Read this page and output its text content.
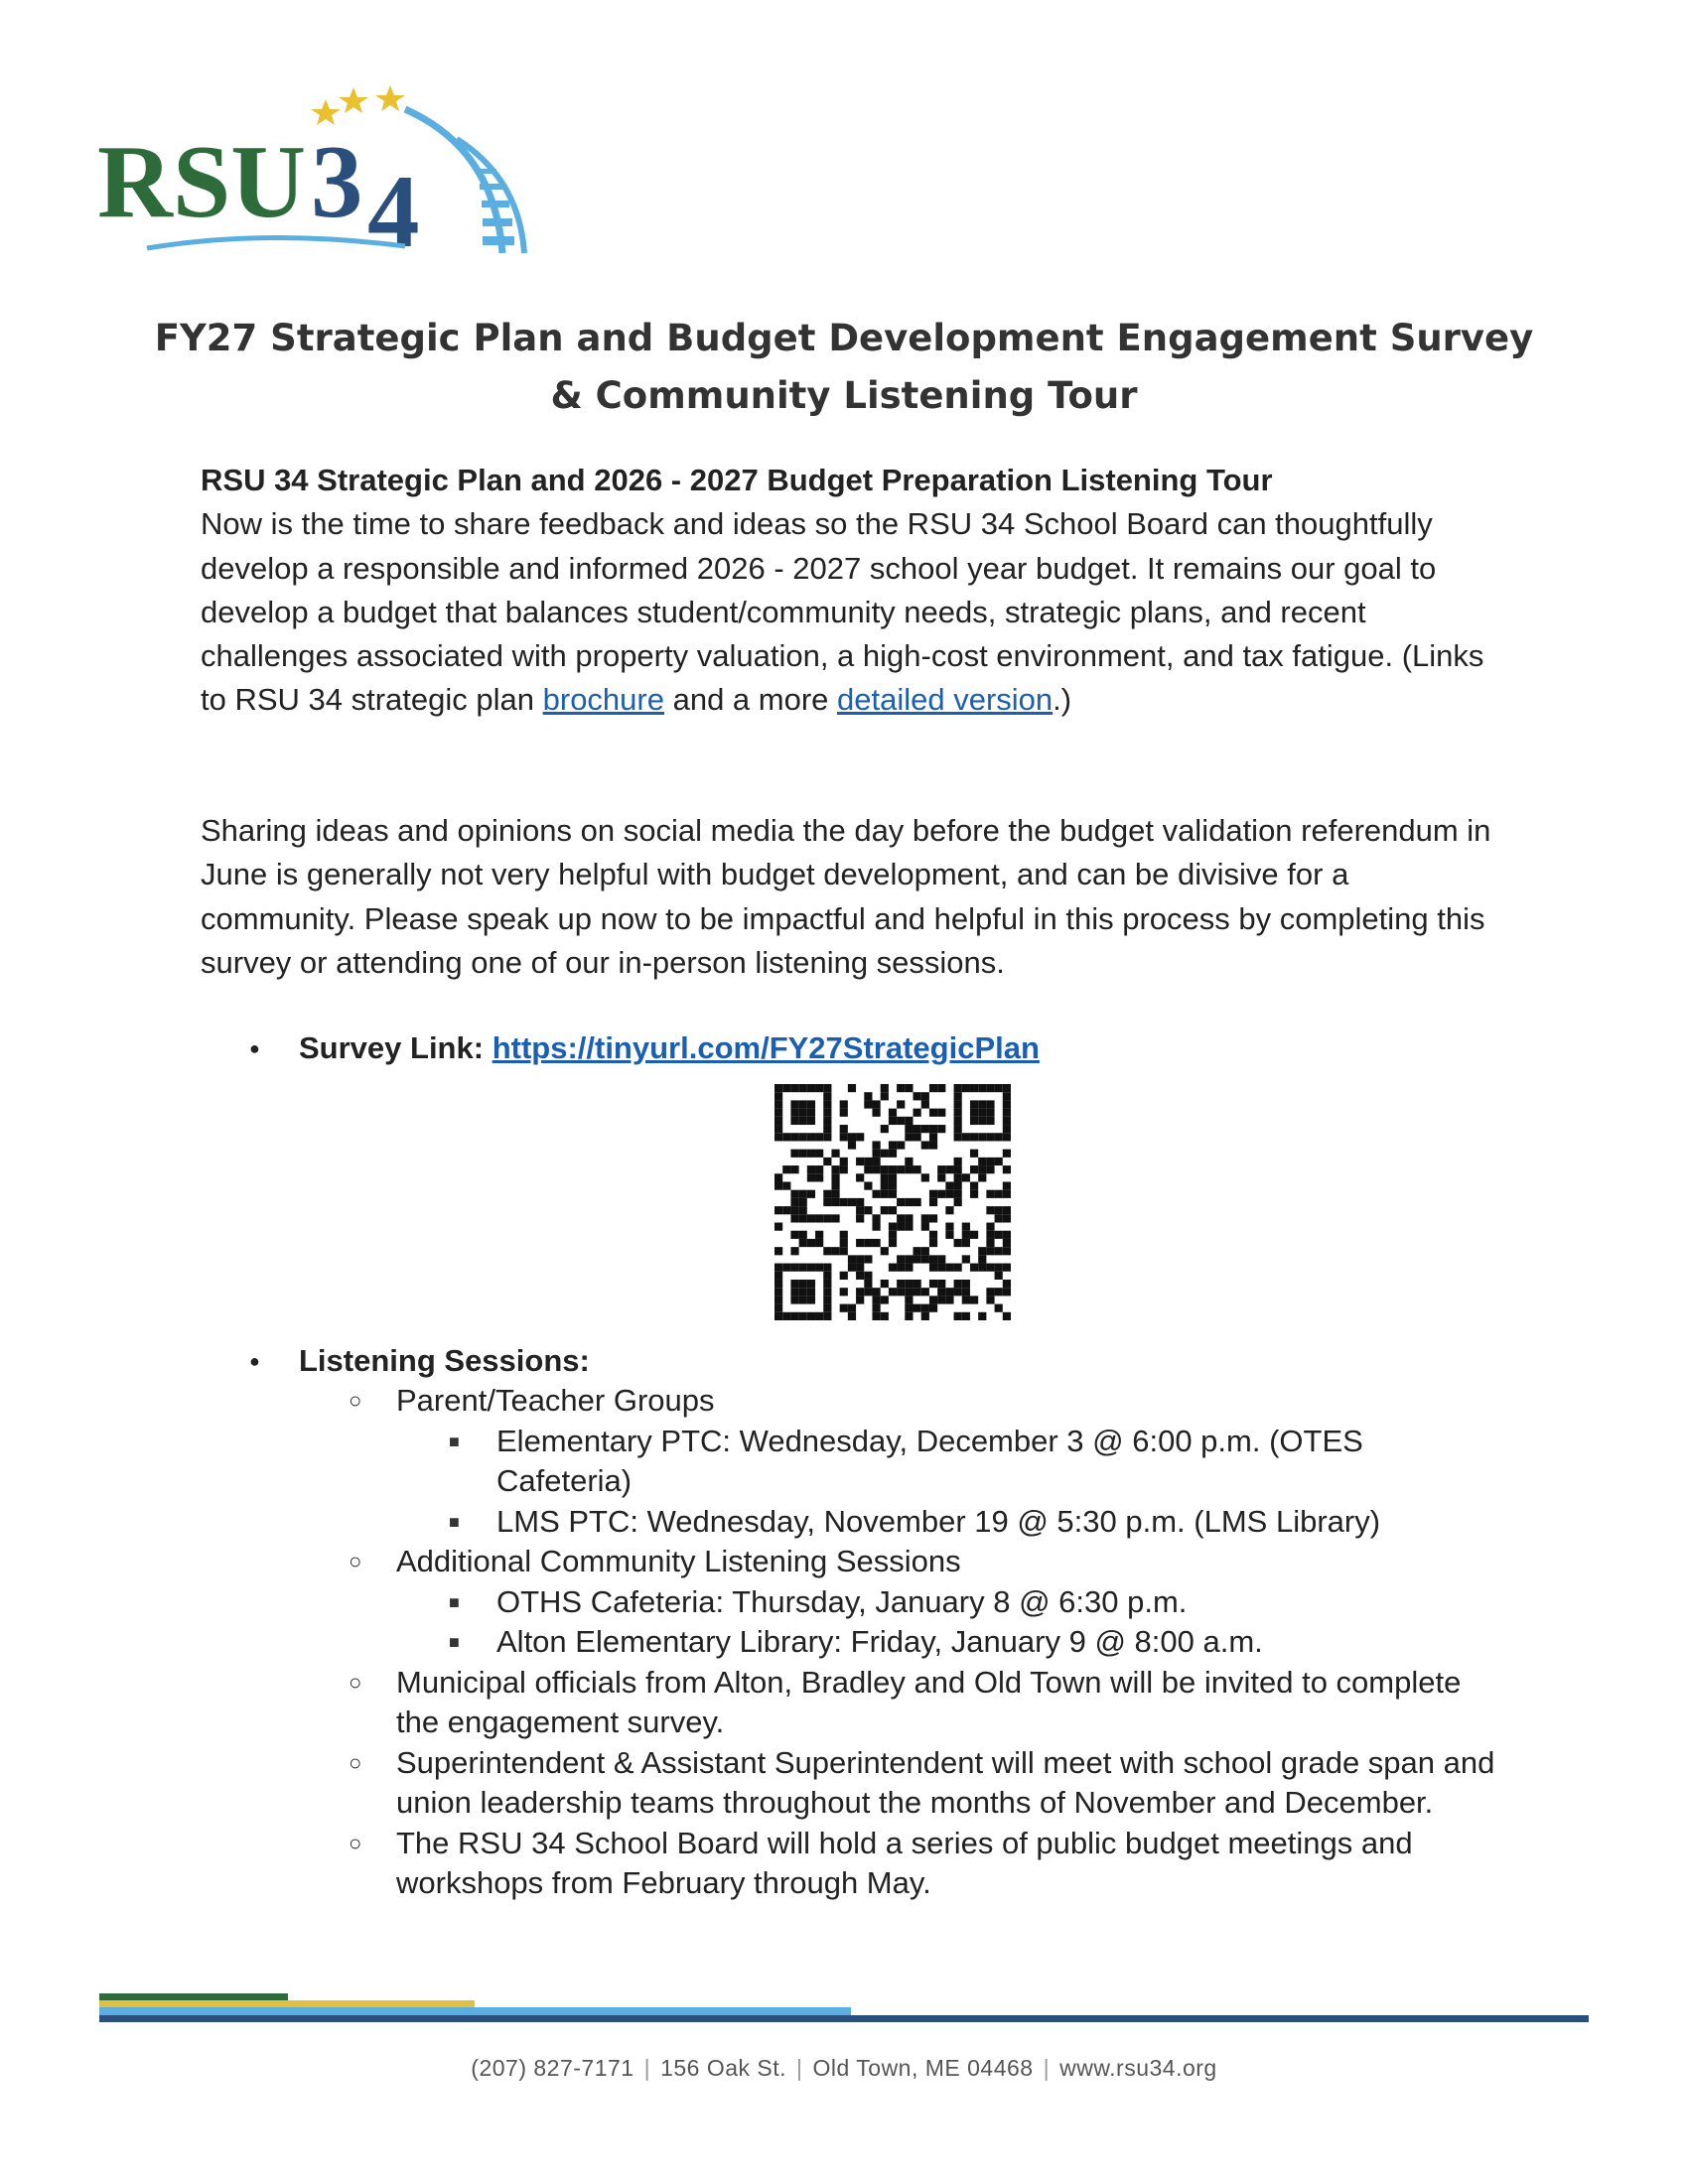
RSU 3 4
FY27 Strategic Plan and Budget Development Engagement Survey
& Community Listening Tour

RSU 34 Strategic Plan and 2026 - 2027 Budget Preparation Listening Tour

Now is the time to share feedback and ideas so the RSU 34 School Board can thoughtfully develop a responsible and informed 2026 - 2027 school year budget. It remains our goal to develop a budget that balances student/community needs, strategic plans, and recent challenges associated with property valuation, a high-cost environment, and tax fatigue. (Links to RSU 34 strategic plan brochure and a more detailed version.)

Sharing ideas and opinions on social media the day before the budget validation referendum in June is generally not very helpful with budget development, and can be divisive for a community. Please speak up now to be impactful and helpful in this process by completing this survey or attending one of our in-person listening sessions.
● Survey Link: https://tinyurl.com/FY27StrategicPlan
● Listening Sessions:
○ Parent/Teacher Groups
■ Elementary PTC: Wednesday, December 3 @ 6:00 p.m. (OTES
Cafeteria)
■ LMS PTC: Wednesday, November 19 @ 5:30 p.m. (LMS Library)
○ Additional Community Listening Sessions
■ OTHS Cafeteria: Thursday, January 8 @ 6:30 p.m.
■ Alton Elementary Library: Friday, January 9 @ 8:00 a.m.
○ Municipal officials from Alton, Bradley and Old Town will be invited to complete
the engagement survey.
○ Superintendent & Assistant Superintendent will meet with school grade span and
union leadership teams throughout the months of November and December.
○ The RSU 34 School Board will hold a series of public budget meetings and
workshops from February through May.
(207) 827-7171 | 156 Oak St. | Old Town, ME 04468 | www.rsu34.org
